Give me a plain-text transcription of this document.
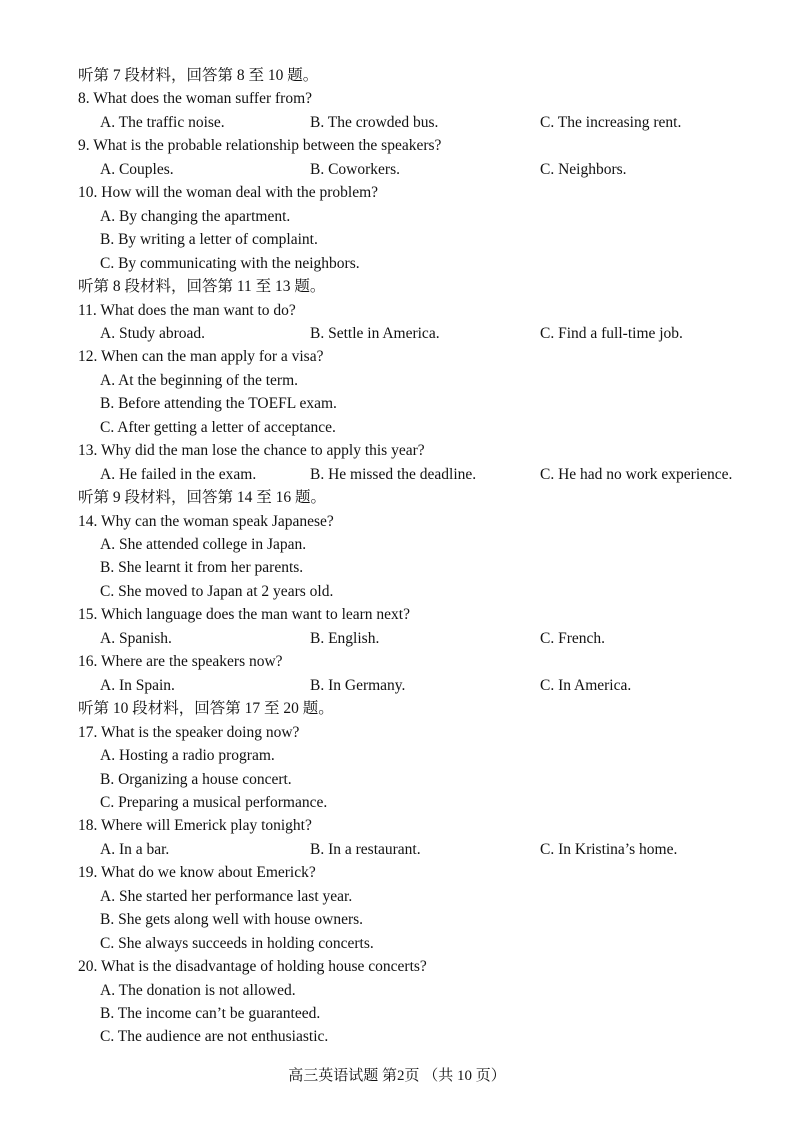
听第 7 段材料，回答第 8 至 10 题。
8. What does the woman suffer from?
A. The traffic noise.	B. The crowded bus.	C. The increasing rent.
9. What is the probable relationship between the speakers?
A. Couples.	B. Coworkers.	C. Neighbors.
10. How will the woman deal with the problem?
A. By changing the apartment.
B. By writing a letter of complaint.
C. By communicating with the neighbors.
听第 8 段材料，回答第 11 至 13 题。
11. What does the man want to do?
A. Study abroad.	B. Settle in America.	C. Find a full-time job.
12. When can the man apply for a visa?
A. At the beginning of the term.
B. Before attending the TOEFL exam.
C. After getting a letter of acceptance.
13. Why did the man lose the chance to apply this year?
A. He failed in the exam.	B. He missed the deadline.	C. He had no work experience.
听第 9 段材料，回答第 14 至 16 题。
14. Why can the woman speak Japanese?
A. She attended college in Japan.
B. She learnt it from her parents.
C. She moved to Japan at 2 years old.
15. Which language does the man want to learn next?
A. Spanish.	B. English.	C. French.
16. Where are the speakers now?
A. In Spain.	B. In Germany.	C. In America.
听第 10 段材料，回答第 17 至 20 题。
17. What is the speaker doing now?
A. Hosting a radio program.
B. Organizing a house concert.
C. Preparing a musical performance.
18. Where will Emerick play tonight?
A. In a bar.	B. In a restaurant.	C. In Kristina’s home.
19. What do we know about Emerick?
A. She started her performance last year.
B. She gets along well with house owners.
C. She always succeeds in holding concerts.
20. What is the disadvantage of holding house concerts?
A. The donation is not allowed.
B. The income can’t be guaranteed.
C. The audience are not enthusiastic.
高三英语试题 第2页 （共 10 页）
